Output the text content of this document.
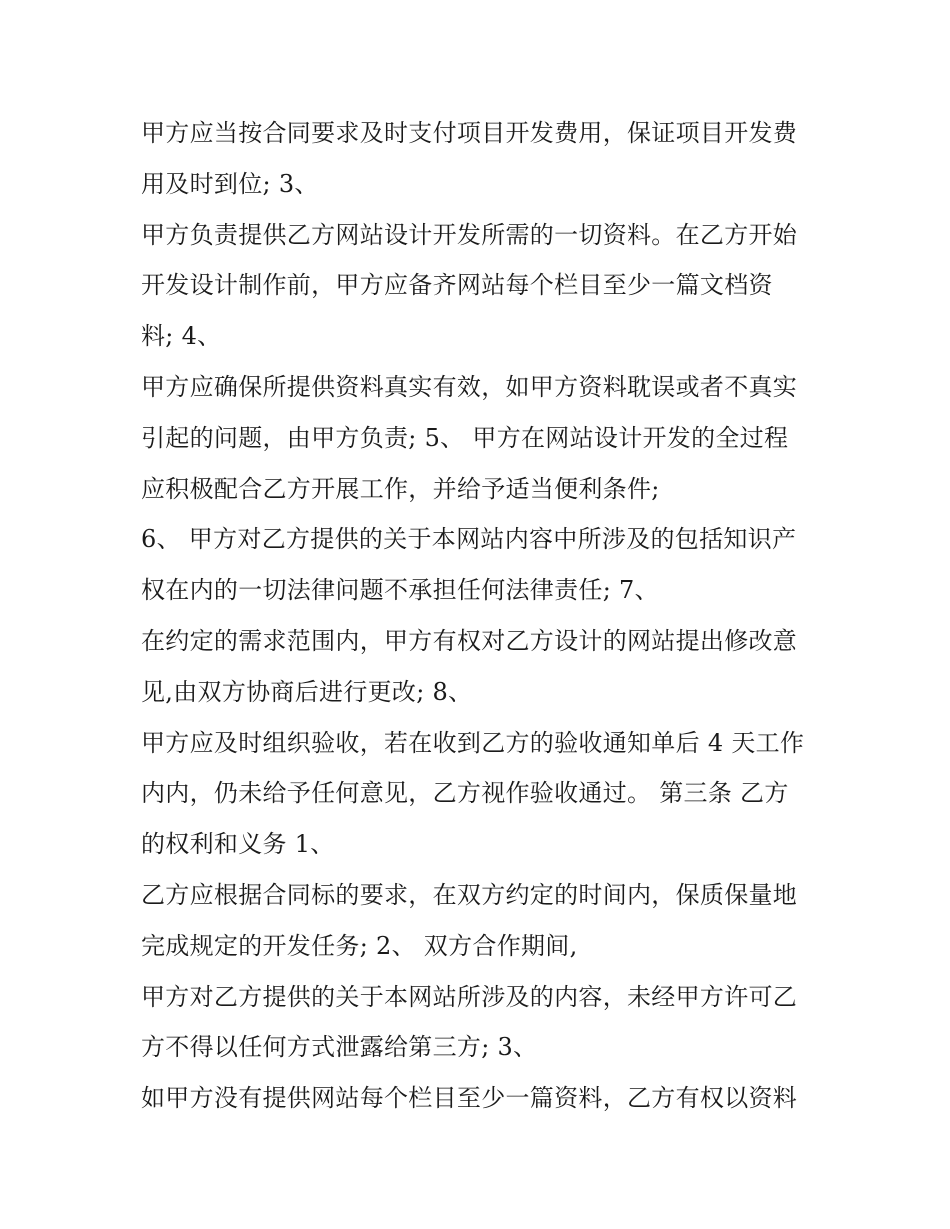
甲方应当按合同要求及时支付项目开发费用，保证项目开发费
用及时到位; 3、
甲方负责提供乙方网站设计开发所需的一切资料。在乙方开始
开发设计制作前，甲方应备齐网站每个栏目至少一篇文档资
料; 4、
甲方应确保所提供资料真实有效，如甲方资料耽误或者不真实
引起的问题，由甲方负责; 5、 甲方在网站设计开发的全过程
应积极配合乙方开展工作，并给予适当便利条件;
6、 甲方对乙方提供的关于本网站内容中所涉及的包括知识产
权在内的一切法律问题不承担任何法律责任; 7、
在约定的需求范围内，甲方有权对乙方设计的网站提出修改意
见,由双方协商后进行更改; 8、
甲方应及时组织验收，若在收到乙方的验收通知单后 4 天工作
内内，仍未给予任何意见，乙方视作验收通过。 第三条 乙方
的权利和义务 1、
乙方应根据合同标的要求，在双方约定的时间内，保质保量地
完成规定的开发任务; 2、 双方合作期间,
甲方对乙方提供的关于本网站所涉及的内容，未经甲方许可乙
方不得以任何方式泄露给第三方; 3、
如甲方没有提供网站每个栏目至少一篇资料，乙方有权以资料
